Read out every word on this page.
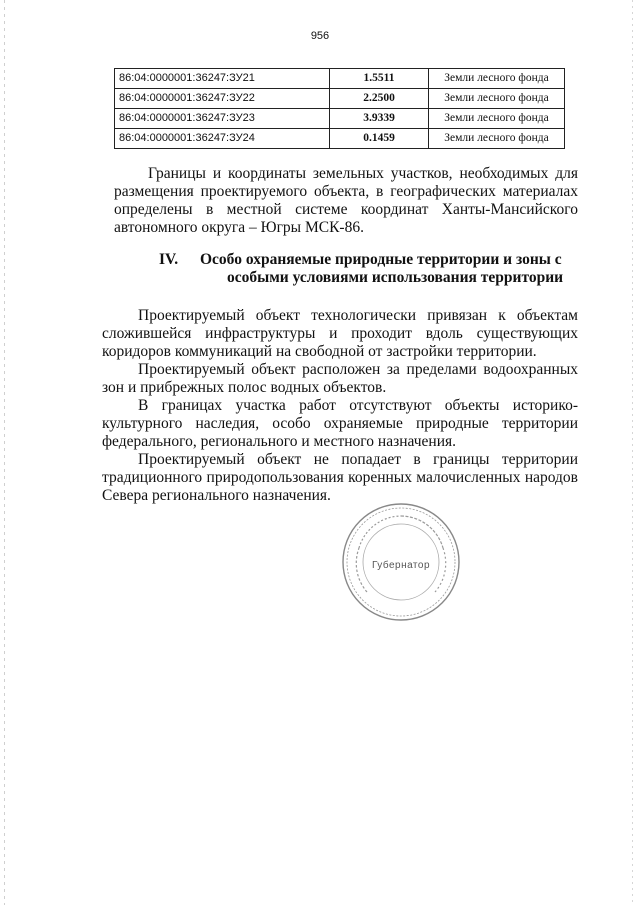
956
86:04:0000001:36247:ЗУ21	1.5511	Земли лесного фонда
86:04:0000001:36247:ЗУ22	2.2500	Земли лесного фонда
86:04:0000001:36247:ЗУ23	3.9339	Земли лесного фонда
86:04:0000001:36247:ЗУ24	0.1459	Земли лесного фонда

Границы и координаты земельных участков, необходимых для размещения проектируемого объекта, в географических материалах определены в местной системе координат Ханты-Мансийского автономного округа – Югры МСК-86.

IV. Особо охраняемые природные территории и зоны с
особыми условиями использования территории

Проектируемый объект технологически привязан к объектам сложившейся инфраструктуры и проходит вдоль существующих коридоров коммуникаций на свободной от застройки территории.

Проектируемый объект расположен за пределами водоохранных зон и прибрежных полос водных объектов.

В границах участка работ отсутствуют объекты историко-культурного наследия, особо охраняемые природные территории федерального, регионального и местного назначения.

Проектируемый объект не попадает в границы территории традиционного природопользования коренных малочисленных народов Севера регионального назначения.

Губернатор
